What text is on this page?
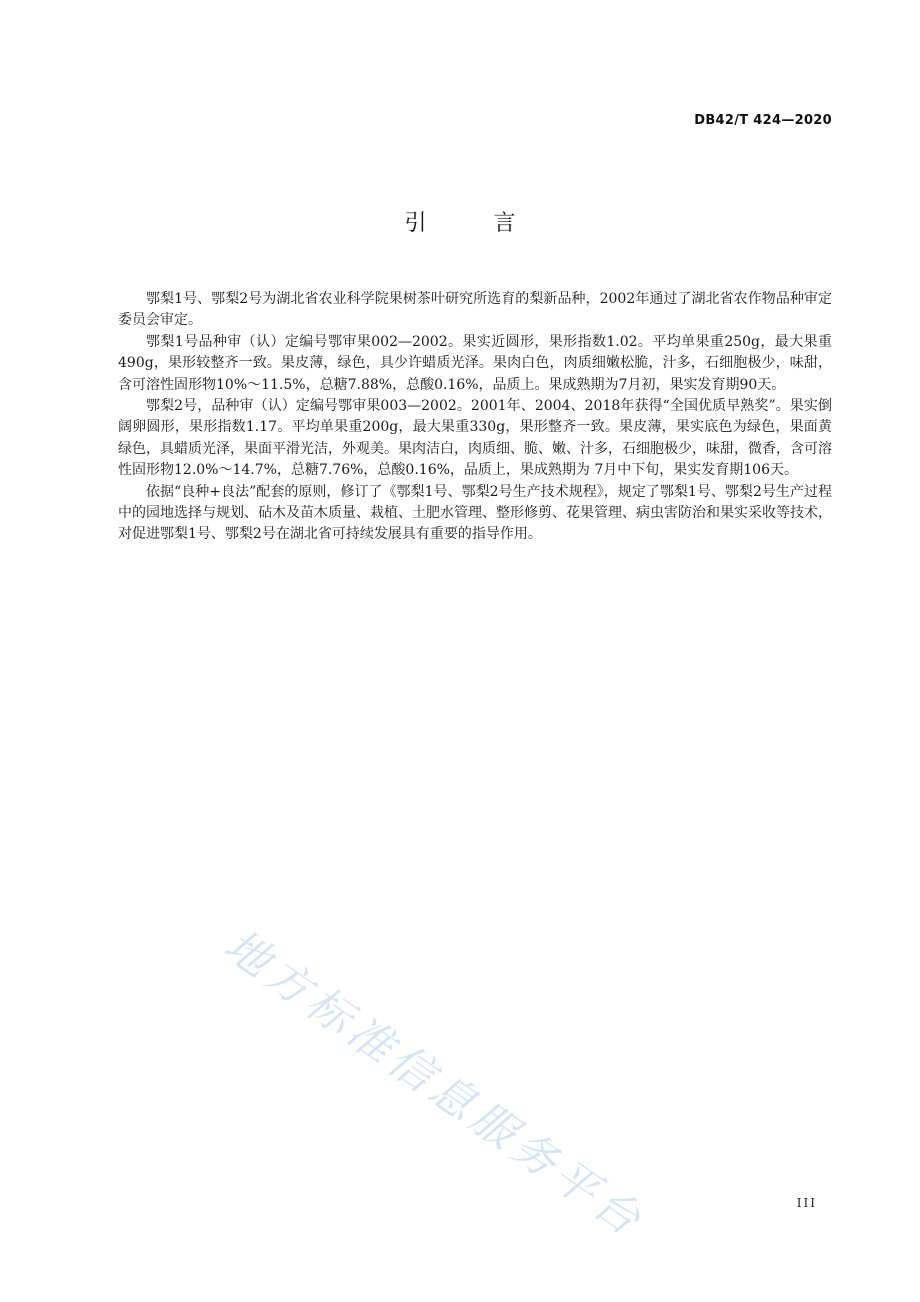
DB42/T 424—2020
引 言

鄂梨1号、鄂梨2号为湖北省农业科学院果树茶叶研究所选育的梨新品种，2002年通过了湖北省农作物品种审定委员会审定。

鄂梨1号品种审（认）定编号鄂审果002—2002。果实近圆形，果形指数1.02。平均单果重250g，最大果重490g，果形较整齐一致。果皮薄，绿色，具少许蜡质光泽。果肉白色，肉质细嫩松脆，汁多，石细胞极少，味甜，含可溶性固形物10%～11.5%，总糖7.88%，总酸0.16%，品质上。果成熟期为7月初，果实发育期90天。

鄂梨2号，品种审（认）定编号鄂审果003—2002。2001年、2004、2018年获得“全国优质早熟奖”。果实倒阔卵圆形，果形指数1.17。平均单果重200g，最大果重330g，果形整齐一致。果皮薄，果实底色为绿色，果面黄绿色，具蜡质光泽，果面平滑光洁，外观美。果肉洁白，肉质细、脆、嫩、汁多，石细胞极少，味甜，微香，含可溶性固形物12.0%～14.7%，总糖7.76%，总酸0.16%，品质上，果成熟期为 7月中下旬，果实发育期106天。

依据“良种+良法”配套的原则，修订了《鄂梨1号、鄂梨2号生产技术规程》，规定了鄂梨1号、鄂梨2号生产过程中的园地选择与规划、砧木及苗木质量、栽植、土肥水管理、整形修剪、花果管理、病虫害防治和果实采收等技术，对促进鄂梨1号、鄂梨2号在湖北省可持续发展具有重要的指导作用。

地方标准信息服务平台	III
